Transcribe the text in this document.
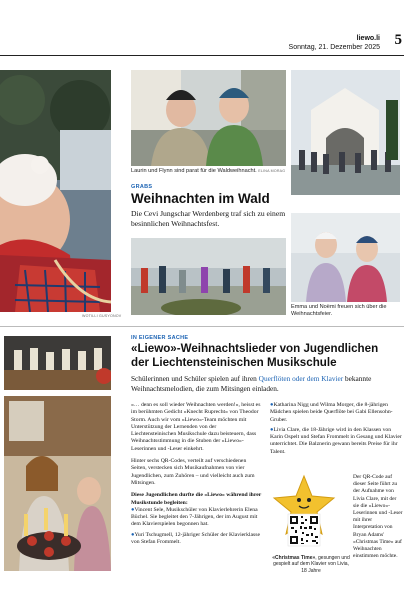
liewo.li
Sonntag, 21. Dezember 2025 5
WOTILLI GUSYONOV
Laurin und Flynn sind parat für die Waldweihnacht. ELINA MORAG
GRABS
Weihnachten im Wald
Die Cevi Jungschar Werdenberg traf sich zu einem besinnlichen Weihnachtsfest.
Emma und Noëmi freuen sich über die Weihnachtsfeier.
IN EIGENER SACHE
«Liewo»-Weihnachtslieder von Jugendlichen
der Liechtensteinischen Musikschule
Schülerinnen und Schüler spielen auf ihren Querflöten oder dem Klavier bekannte Weihnachtsmelodien, die zum Mitsingen einladen.

«… denn es soll wieder Weihnachten werden!», heisst es im berühmten Gedicht «Knecht Ruprecht» von Theodor Storm. Auch wir vom «Liewo»-Team möchten mit Unterstützung der Lernenden von der Liechtensteinischen Musikschule dazu beisteuern, dass Weihnachtsstimmung in die Stuben der «Liewo»-Leserinnen und -Leser einkehrt.

Hinter sechs QR-Codes, verteilt auf verschiedenen Seiten, verstecken sich Musikaufnahmen von vier Jugendlichen, zum Zuhören – und vielleicht auch zum Mitsingen.

Diese Jugendlichen durfte die «Liewo» während ihrer Musikstunde begleiten:

●Vincent Sele, Musikschüler von Klavierlehrerin Elena Büchel. Sie begleitet den 7-Jährigen, der im August mit dem Klavierspielen begonnen hat.

●Yuri Tschugmell, 12-jähriger Schüler der Klavierklasse von Stefan Frommelt.

●Katharina Nigg und Wilma Morger, die 8-jährigen Mädchen spielen beide Querflöte bei Gabi Ellensohn-Gruber.

●Livia Clare, die 18-Jährige wird in den Klassen von Karin Ospelt und Stefan Frommelt in Gesang und Klavier unterrichtet. Die Balznerin gewann bereits Preise für ihr Talent.

«Christmas Time», gesungen und gespielt auf dem Klavier von Livia, 18 Jahre
Der QR-Code auf dieser Seite führt zu der Aufnahme von Livia Clare, mit der sie die «Liewo»-Leserinnen und -Leser mit ihrer Interpretation von Bryan Adams' «Christmas Time» auf Weihnachten einstimmen möchte.
